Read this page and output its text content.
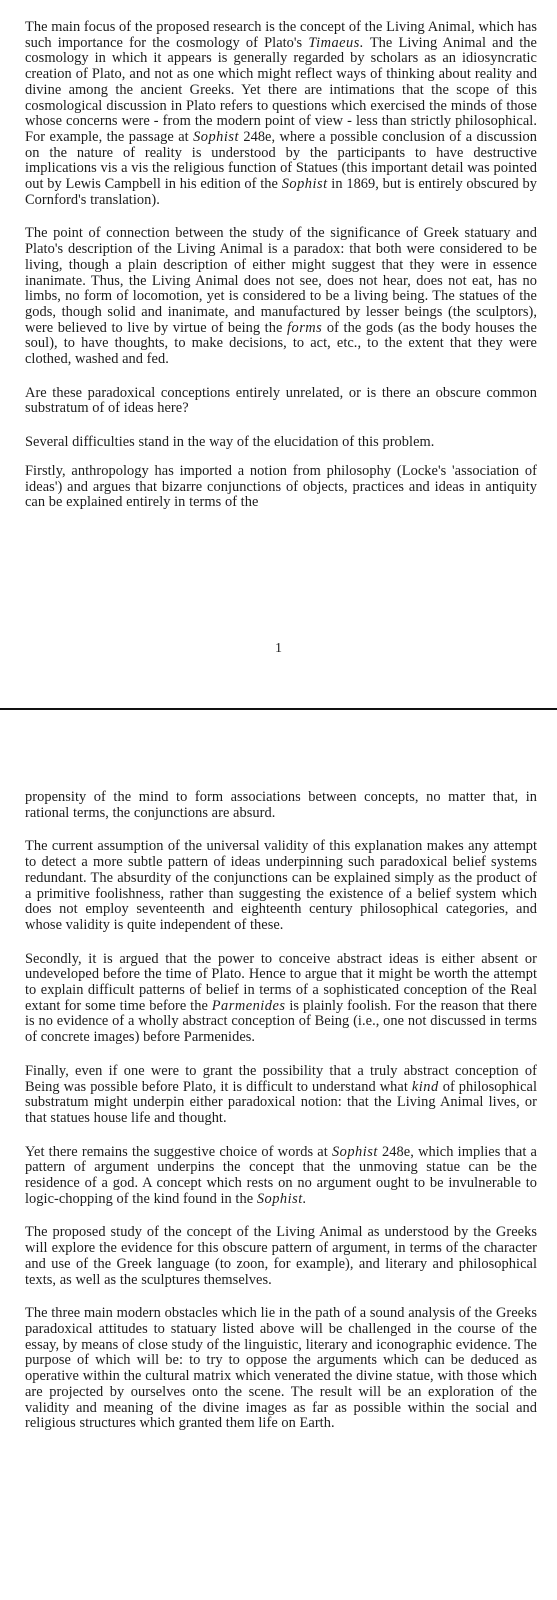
The main focus of the proposed research is the concept of the Living Animal, which has such importance for the cosmology of Plato's Timaeus. The Living Animal and the cosmology in which it appears is generally regarded by scholars as an idiosyncratic creation of Plato, and not as one which might reflect ways of thinking about reality and divine among the ancient Greeks. Yet there are intimations that the scope of this cosmological discussion in Plato refers to questions which exercised the minds of those whose concerns were - from the modern point of view - less than strictly philosophical. For example, the passage at Sophist 248e, where a possible conclusion of a discussion on the nature of reality is understood by the participants to have destructive implications vis a vis the religious function of Statues (this important detail was pointed out by Lewis Campbell in his edition of the Sophist in 1869, but is entirely obscured by Cornford's translation).

The point of connection between the study of the significance of Greek statuary and Plato's description of the Living Animal is a paradox: that both were considered to be living, though a plain description of either might suggest that they were in essence inanimate. Thus, the Living Animal does not see, does not hear, does not eat, has no limbs, no form of locomotion, yet is considered to be a living being. The statues of the gods, though solid and inanimate, and manufactured by lesser beings (the sculptors), were believed to live by virtue of being the forms of the gods (as the body houses the soul), to have thoughts, to make decisions, to act, etc., to the extent that they were clothed, washed and fed.

Are these paradoxical conceptions entirely unrelated, or is there an obscure common substratum of of ideas here?

Several difficulties stand in the way of the elucidation of this problem.

Firstly, anthropology has imported a notion from philosophy (Locke's 'association of ideas') and argues that bizarre conjunctions of objects, practices and ideas in antiquity can be explained entirely in terms of the

1

propensity of the mind to form associations between concepts, no matter that, in rational terms, the conjunctions are absurd.

The current assumption of the universal validity of this explanation makes any attempt to detect a more subtle pattern of ideas underpinning such paradoxical belief systems redundant. The absurdity of the conjunctions can be explained simply as the product of a primitive foolishness, rather than suggesting the existence of a belief system which does not employ seventeenth and eighteenth century philosophical categories, and whose validity is quite independent of these.

Secondly, it is argued that the power to conceive abstract ideas is either absent or undeveloped before the time of Plato. Hence to argue that it might be worth the attempt to explain difficult patterns of belief in terms of a sophisticated conception of the Real extant for some time before the Parmenides is plainly foolish. For the reason that there is no evidence of a wholly abstract conception of Being (i.e., one not discussed in terms of concrete images) before Parmenides.

Finally, even if one were to grant the possibility that a truly abstract conception of Being was possible before Plato, it is difficult to understand what kind of philosophical substratum might underpin either paradoxical notion: that the Living Animal lives, or that statues house life and thought.

Yet there remains the suggestive choice of words at Sophist 248e, which implies that a pattern of argument underpins the concept that the unmoving statue can be the residence of a god. A concept which rests on no argument ought to be invulnerable to logic-chopping of the kind found in the Sophist.

The proposed study of the concept of the Living Animal as understood by the Greeks will explore the evidence for this obscure pattern of argument, in terms of the character and use of the Greek language (to zoon, for example), and literary and philosophical texts, as well as the sculptures themselves.

The three main modern obstacles which lie in the path of a sound analysis of the Greeks paradoxical attitudes to statuary listed above will be challenged in the course of the essay, by means of close study of the linguistic, literary and iconographic evidence. The purpose of which will be: to try to oppose the arguments which can be deduced as operative within the cultural matrix which venerated the divine statue, with those which are projected by ourselves onto the scene. The result will be an exploration of the validity and meaning of the divine images as far as possible within the social and religious structures which granted them life on Earth.
